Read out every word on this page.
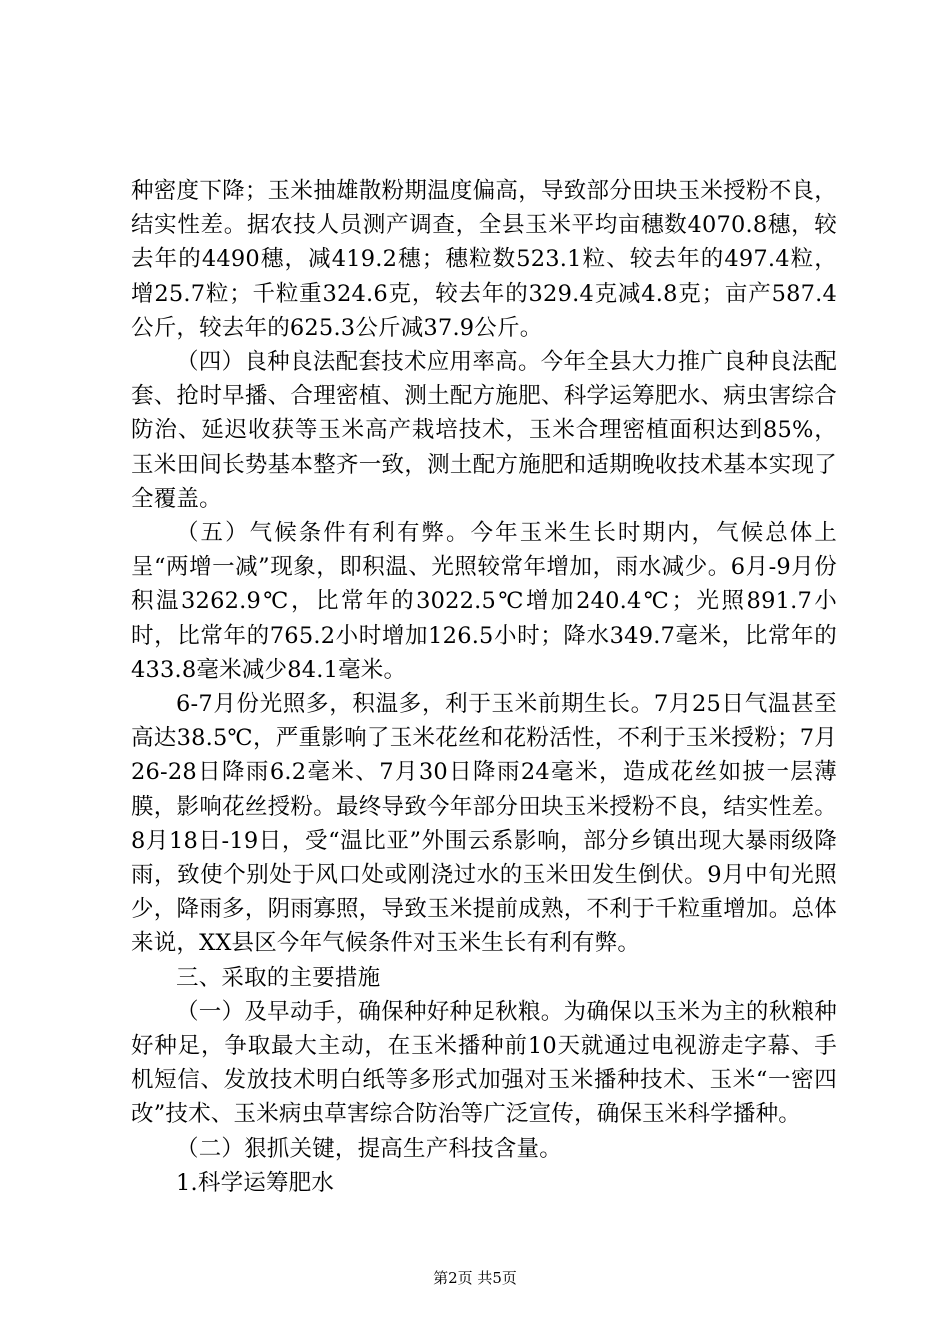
种密度下降；玉米抽雄散粉期温度偏高，导致部分田块玉米授粉不良，结实性差。据农技人员测产调查，全县玉米平均亩穗数4070.8穗，较去年的4490穗，减419.2穗；穗粒数523.1粒、较去年的497.4粒，增25.7粒；千粒重324.6克，较去年的329.4克减4.8克；亩产587.4公斤，较去年的625.3公斤减37.9公斤。

（四）良种良法配套技术应用率高。今年全县大力推广良种良法配套、抢时早播、合理密植、测土配方施肥、科学运筹肥水、病虫害综合防治、延迟收获等玉米高产栽培技术，玉米合理密植面积达到85%，玉米田间长势基本整齐一致，测土配方施肥和适期晚收技术基本实现了全覆盖。

（五）气候条件有利有弊。今年玉米生长时期内，气候总体上呈“两增一减”现象，即积温、光照较常年增加，雨水减少。6月-9月份积温3262.9℃，比常年的3022.5℃增加240.4℃；光照891.7小时，比常年的765.2小时增加126.5小时；降水349.7毫米，比常年的433.8毫米减少84.1毫米。

6-7月份光照多，积温多，利于玉米前期生长。7月25日气温甚至高达38.5℃，严重影响了玉米花丝和花粉活性，不利于玉米授粉；7月26-28日降雨6.2毫米、7月30日降雨24毫米，造成花丝如披一层薄膜，影响花丝授粉。最终导致今年部分田块玉米授粉不良，结实性差。8月18日-19日，受“温比亚”外围云系影响，部分乡镇出现大暴雨级降雨，致使个别处于风口处或刚浇过水的玉米田发生倒伏。9月中旬光照少，降雨多，阴雨寡照，导致玉米提前成熟，不利于千粒重增加。总体来说，XX县区今年气候条件对玉米生长有利有弊。

三、采取的主要措施

（一）及早动手，确保种好种足秋粮。为确保以玉米为主的秋粮种好种足，争取最大主动，在玉米播种前10天就通过电视游走字幕、手机短信、发放技术明白纸等多形式加强对玉米播种技术、玉米“一密四改”技术、玉米病虫草害综合防治等广泛宣传，确保玉米科学播种。

（二）狠抓关键，提高生产科技含量。

1.科学运筹肥水

第2页 共5页
